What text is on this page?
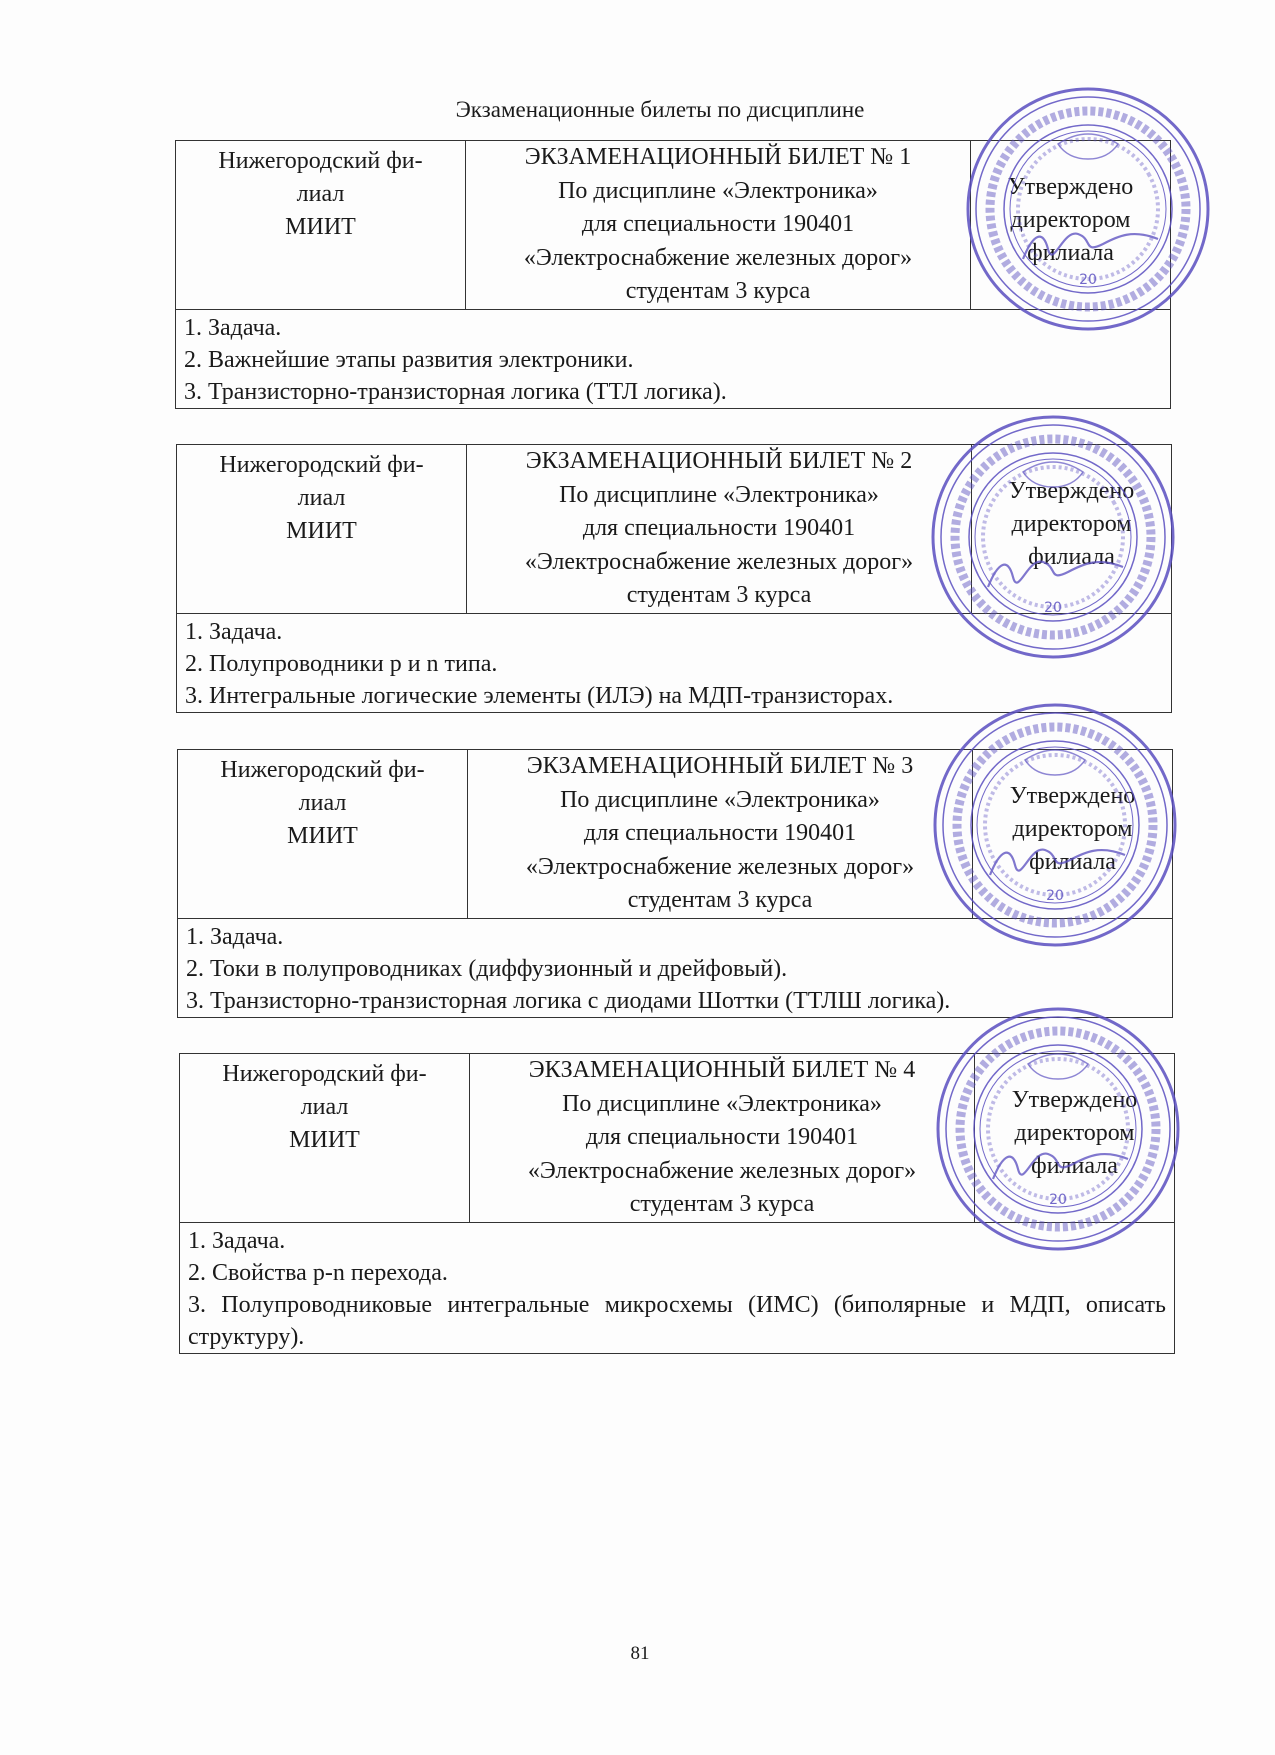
Экзаменационные билеты по дисциплине
Нижегородский фи-
лиал
МИИТ
ЭКЗАМЕНАЦИОННЫЙ БИЛЕТ № 1
По дисциплине «Электроника»
для специальности 190401
«Электроснабжение железных дорог»
студентам 3 курса
Утверждено
директором
филиала
1. Задача.
2. Важнейшие этапы развития электроники.
3. Транзисторно-транзисторная логика (ТТЛ логика).
Нижегородский фи-
лиал
МИИТ
ЭКЗАМЕНАЦИОННЫЙ БИЛЕТ № 2
По дисциплине «Электроника»
для специальности 190401
«Электроснабжение железных дорог»
студентам 3 курса
Утверждено
директором
филиала
1. Задача.
2. Полупроводники p и n типа.
3. Интегральные логические элементы (ИЛЭ) на МДП-транзисторах.
Нижегородский фи-
лиал
МИИТ
ЭКЗАМЕНАЦИОННЫЙ БИЛЕТ № 3
По дисциплине «Электроника»
для специальности 190401
«Электроснабжение железных дорог»
студентам 3 курса
Утверждено
директором
филиала
1. Задача.
2. Токи в полупроводниках (диффузионный и дрейфовый).
3. Транзисторно-транзисторная логика с диодами Шоттки (ТТЛШ логика).
Нижегородский фи-
лиал
МИИТ
ЭКЗАМЕНАЦИОННЫЙ БИЛЕТ № 4
По дисциплине «Электроника»
для специальности 190401
«Электроснабжение железных дорог»
студентам 3 курса
Утверждено
директором
филиала
1. Задача.
2. Свойства p-n перехода.
3. Полупроводниковые интегральные микросхемы (ИМС) (биполярные и МДП, описать структуру).
20
20
20
20
81
